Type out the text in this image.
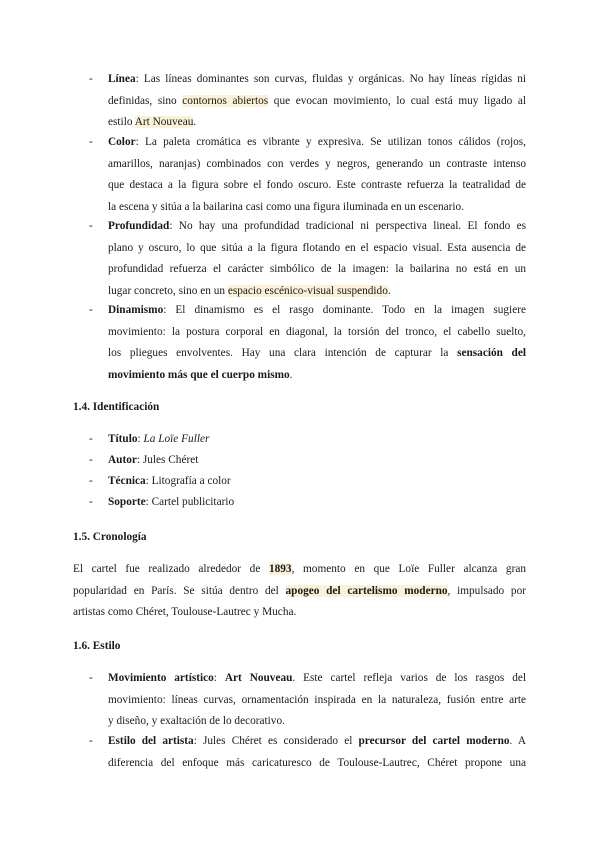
- Línea: Las líneas dominantes son curvas, fluidas y orgánicas. No hay líneas rígidas ni
definidas, sino contornos abiertos que evocan movimiento, lo cual está muy ligado al
estilo Art Nouveau.
- Color: La paleta cromática es vibrante y expresiva. Se utilizan tonos cálidos (rojos,
amarillos, naranjas) combinados con verdes y negros, generando un contraste intenso
que destaca a la figura sobre el fondo oscuro. Este contraste refuerza la teatralidad de
la escena y sitúa a la bailarina casi como una figura iluminada en un escenario.
- Profundidad: No hay una profundidad tradicional ni perspectiva lineal. El fondo es
plano y oscuro, lo que sitúa a la figura flotando en el espacio visual. Esta ausencia de
profundidad refuerza el carácter simbólico de la imagen: la bailarina no está en un
lugar concreto, sino en un espacio escénico-visual suspendido.
- Dinamismo: El dinamismo es el rasgo dominante. Todo en la imagen sugiere
movimiento: la postura corporal en diagonal, la torsión del tronco, el cabello suelto,
los pliegues envolventes. Hay una clara intención de capturar la sensación del
movimiento más que el cuerpo mismo.
1.4. Identificación
- Título: La Loïe Fuller
- Autor: Jules Chéret
- Técnica: Litografía a color
- Soporte: Cartel publicitario
1.5. Cronología
El cartel fue realizado alrededor de 1893, momento en que Loïe Fuller alcanza gran
popularidad en París. Se sitúa dentro del apogeo del cartelismo moderno, impulsado por
artistas como Chéret, Toulouse-Lautrec y Mucha.
1.6. Estilo
- Movimiento artístico: Art Nouveau. Este cartel refleja varios de los rasgos del
movimiento: líneas curvas, ornamentación inspirada en la naturaleza, fusión entre arte
y diseño, y exaltación de lo decorativo.
- Estilo del artista: Jules Chéret es considerado el precursor del cartel moderno. A
diferencia del enfoque más caricaturesco de Toulouse-Lautrec, Chéret propone una
